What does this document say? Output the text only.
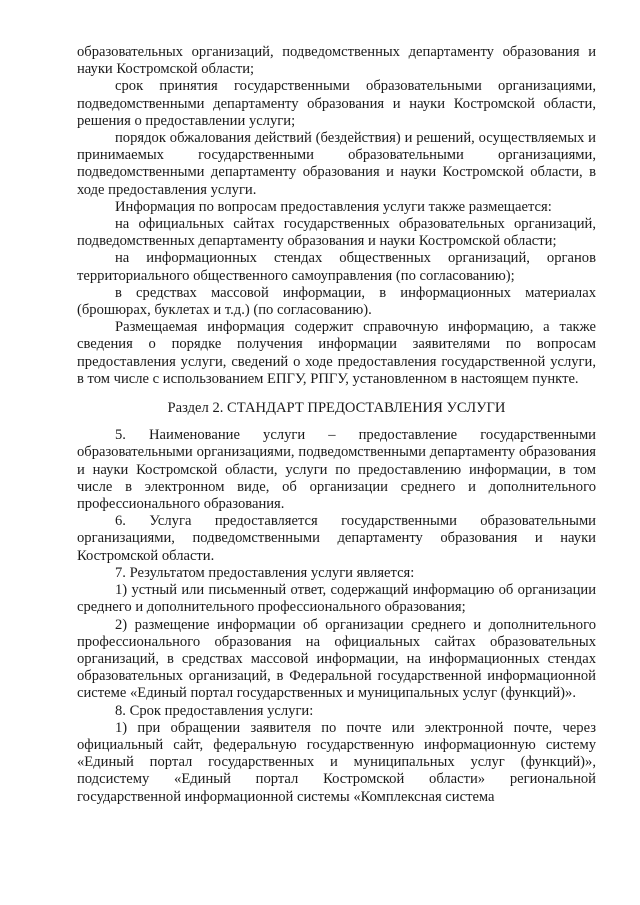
образовательных организаций, подведомственных департаменту образования и науки Костромской области;

срок принятия государственными образовательными организациями, подведомственными департаменту образования и науки Костромской области, решения о предоставлении услуги;

порядок обжалования действий (бездействия) и решений, осуществляемых и принимаемых государственными образовательными организациями, подведомственными департаменту образования и науки Костромской области, в ходе предоставления услуги.

Информация по вопросам предоставления услуги также размещается:

на официальных сайтах государственных образовательных организаций, подведомственных департаменту образования и науки Костромской области;

на информационных стендах общественных организаций, органов территориального общественного самоуправления (по согласованию);

в средствах массовой информации, в информационных материалах (брошюрах, буклетах и т.д.) (по согласованию).

Размещаемая информация содержит справочную информацию, а также сведения о порядке получения информации заявителями по вопросам предоставления услуги, сведений о ходе предоставления государственной услуги, в том числе с использованием ЕПГУ, РПГУ, установленном в настоящем пункте.

Раздел 2. СТАНДАРТ ПРЕДОСТАВЛЕНИЯ УСЛУГИ

5. Наименование услуги – предоставление государственными образовательными организациями, подведомственными департаменту образования и науки Костромской области, услуги по предоставлению информации, в том числе в электронном виде, об организации среднего и дополнительного профессионального образования.

6. Услуга предоставляется государственными образовательными организациями, подведомственными департаменту образования и науки Костромской области.

7. Результатом предоставления услуги является:

1) устный или письменный ответ, содержащий информацию об организации среднего и дополнительного профессионального образования;

2) размещение информации об организации среднего и дополнительного профессионального образования на официальных сайтах образовательных организаций, в средствах массовой информации, на информационных стендах образовательных организаций, в Федеральной государственной информационной системе «Единый портал государственных и муниципальных услуг (функций)».

8. Срок предоставления услуги:

1) при обращении заявителя по почте или электронной почте, через официальный сайт, федеральную государственную информационную систему «Единый портал государственных и муниципальных услуг (функций)», подсистему «Единый портал Костромской области» региональной государственной информационной системы «Комплексная система
